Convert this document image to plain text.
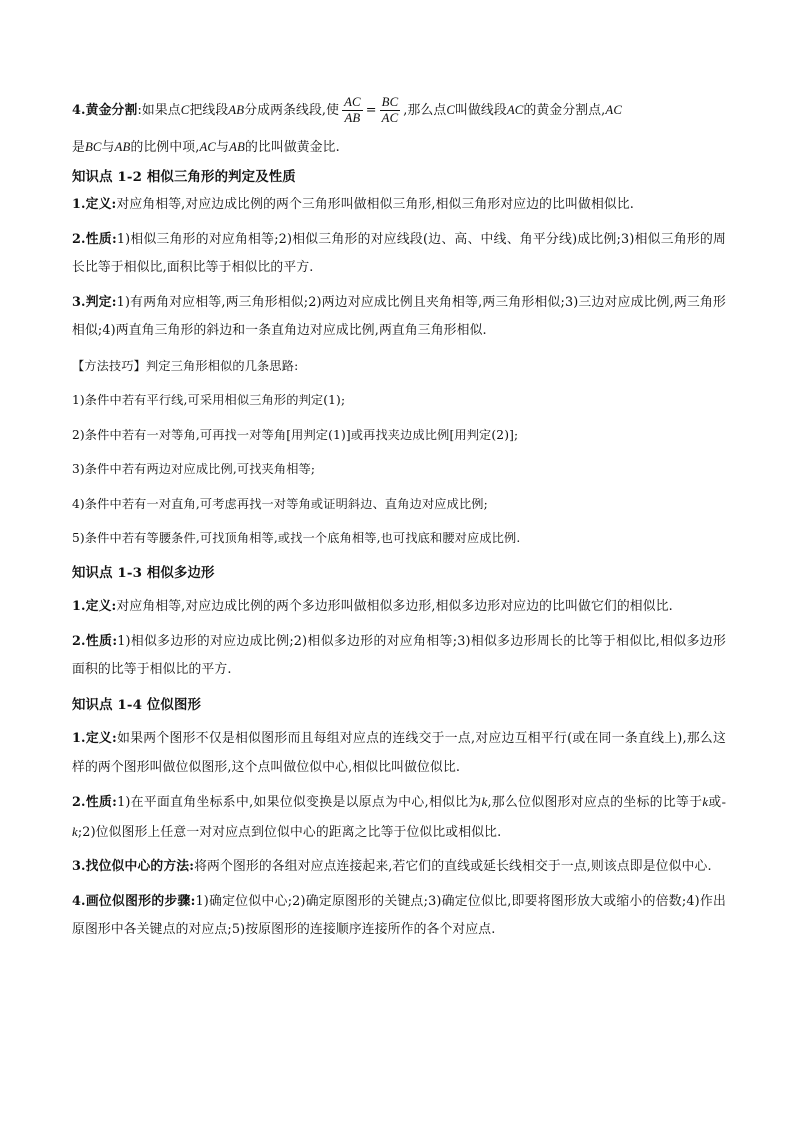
4.黄金分割:如果点C把线段AB分成两条线段,使 $\frac{AC}{AB} = \frac{BC}{AC}$ ,那么点C叫做线段AC的黄金分割点,AC

是BC与AB的比例中项,AC与AB的比叫做黄金比.

知识点 1-2 相似三角形的判定及性质

1.定义:对应角相等,对应边成比例的两个三角形叫做相似三角形,相似三角形对应边的比叫做相似比.

2.性质:1)相似三角形的对应角相等;2)相似三角形的对应线段(边、高、中线、角平分线)成比例;3)相似三角形的周长比等于相似比,面积比等于相似比的平方.

3.判定:1)有两角对应相等,两三角形相似;2)两边对应成比例且夹角相等,两三角形相似;3)三边对应成比例,两三角形相似;4)两直角三角形的斜边和一条直角边对应成比例,两直角三角形相似.

【方法技巧】判定三角形相似的几条思路:

1)条件中若有平行线,可采用相似三角形的判定(1);

2)条件中若有一对等角,可再找一对等角[用判定(1)]或再找夹边成比例[用判定(2)];

3)条件中若有两边对应成比例,可找夹角相等;

4)条件中若有一对直角,可考虑再找一对等角或证明斜边、直角边对应成比例;

5)条件中若有等腰条件,可找顶角相等,或找一个底角相等,也可找底和腰对应成比例.

知识点 1-3 相似多边形

1.定义:对应角相等,对应边成比例的两个多边形叫做相似多边形,相似多边形对应边的比叫做它们的相似比.

2.性质:1)相似多边形的对应边成比例;2)相似多边形的对应角相等;3)相似多边形周长的比等于相似比,相似多边形面积的比等于相似比的平方.

知识点 1-4 位似图形

1.定义:如果两个图形不仅是相似图形而且每组对应点的连线交于一点,对应边互相平行(或在同一条直线上),那么这样的两个图形叫做位似图形,这个点叫做位似中心,相似比叫做位似比.

2.性质:1)在平面直角坐标系中,如果位似变换是以原点为中心,相似比为k,那么位似图形对应点的坐标的比等于k或-k;2)位似图形上任意一对对应点到位似中心的距离之比等于位似比或相似比.

3.找位似中心的方法:将两个图形的各组对应点连接起来,若它们的直线或延长线相交于一点,则该点即是位似中心.

4.画位似图形的步骤:1)确定位似中心;2)确定原图形的关键点;3)确定位似比,即要将图形放大或缩小的倍数;4)作出原图形中各关键点的对应点;5)按原图形的连接顺序连接所作的各个对应点.
